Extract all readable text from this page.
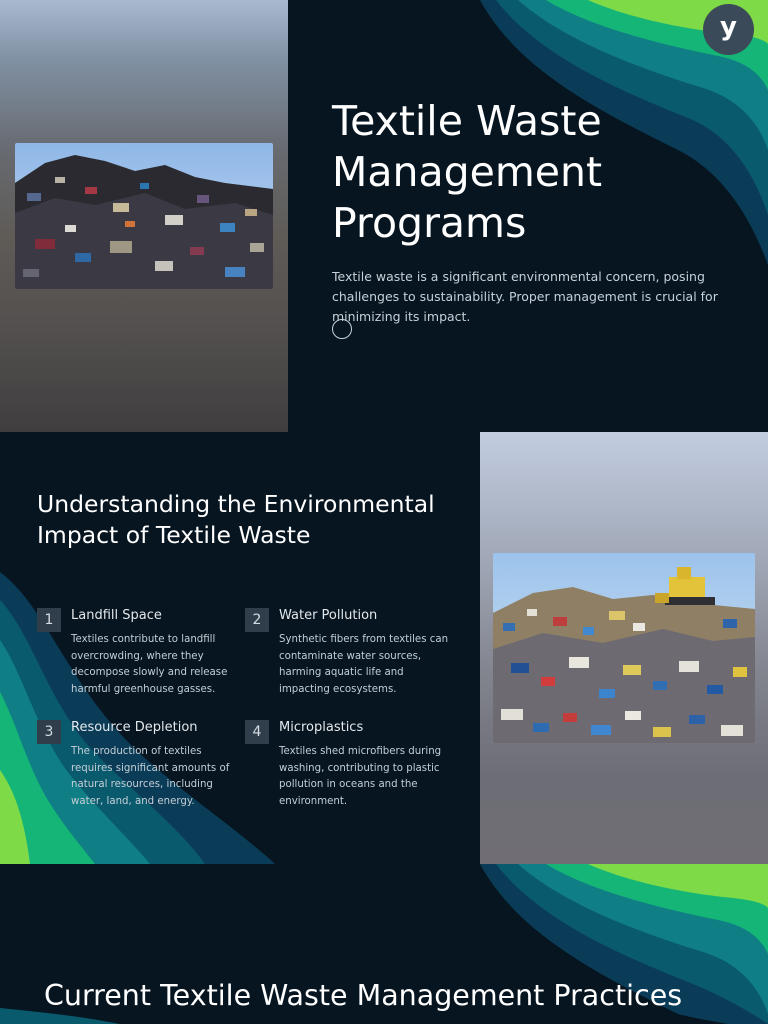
Textile Waste Management Programs

Textile waste is a significant environmental concern, posing challenges to sustainability. Proper management is crucial for minimizing its impact.

y
Understanding the Environmental Impact of Textile Waste
1	Landfill Space
Textiles contribute to landfill overcrowding, where they decompose slowly and release harmful greenhouse gasses.
2	Water Pollution
Synthetic fibers from textiles can contaminate water sources, harming aquatic life and impacting ecosystems.
3	Resource Depletion
The production of textiles requires significant amounts of natural resources, including water, land, and energy.
4	Microplastics
Textiles shed microfibers during washing, contributing to plastic pollution in oceans and the environment.
Current Textile Waste Management Practices
